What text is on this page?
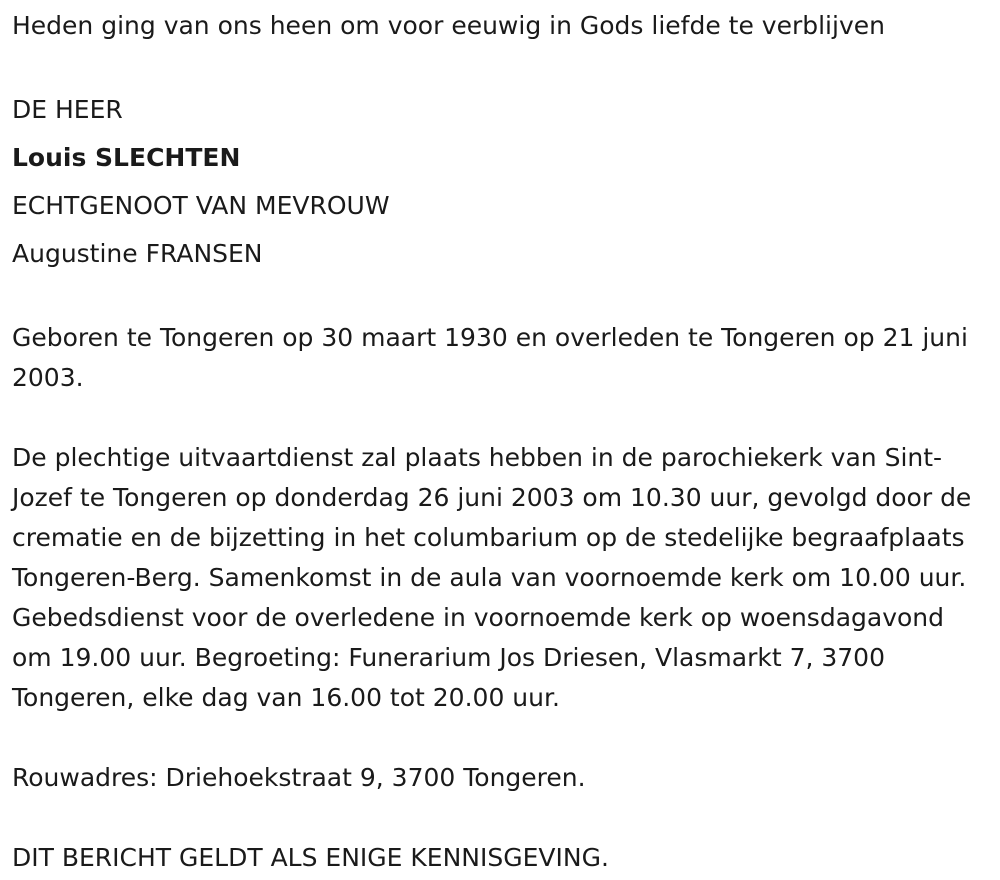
Heden ging van ons heen om voor eeuwig in Gods liefde te verblijven

DE HEER

Louis SLECHTEN

ECHTGENOOT VAN MEVROUW

Augustine FRANSEN

Geboren te Tongeren op 30 maart 1930 en overleden te Tongeren op 21 juni 2003.

De plechtige uitvaartdienst zal plaats hebben in de parochiekerk van Sint-Jozef te Tongeren op donderdag 26 juni 2003 om 10.30 uur, gevolgd door de crematie en de bijzetting in het columbarium op de stedelijke begraafplaats Tongeren-Berg. Samenkomst in de aula van voornoemde kerk om 10.00 uur. Gebedsdienst voor de overledene in voornoemde kerk op woensdagavond om 19.00 uur. Begroeting: Funerarium Jos Driesen, Vlasmarkt 7, 3700 Tongeren, elke dag van 16.00 tot 20.00 uur.

Rouwadres: Driehoekstraat 9, 3700 Tongeren.

DIT BERICHT GELDT ALS ENIGE KENNISGEVING.
